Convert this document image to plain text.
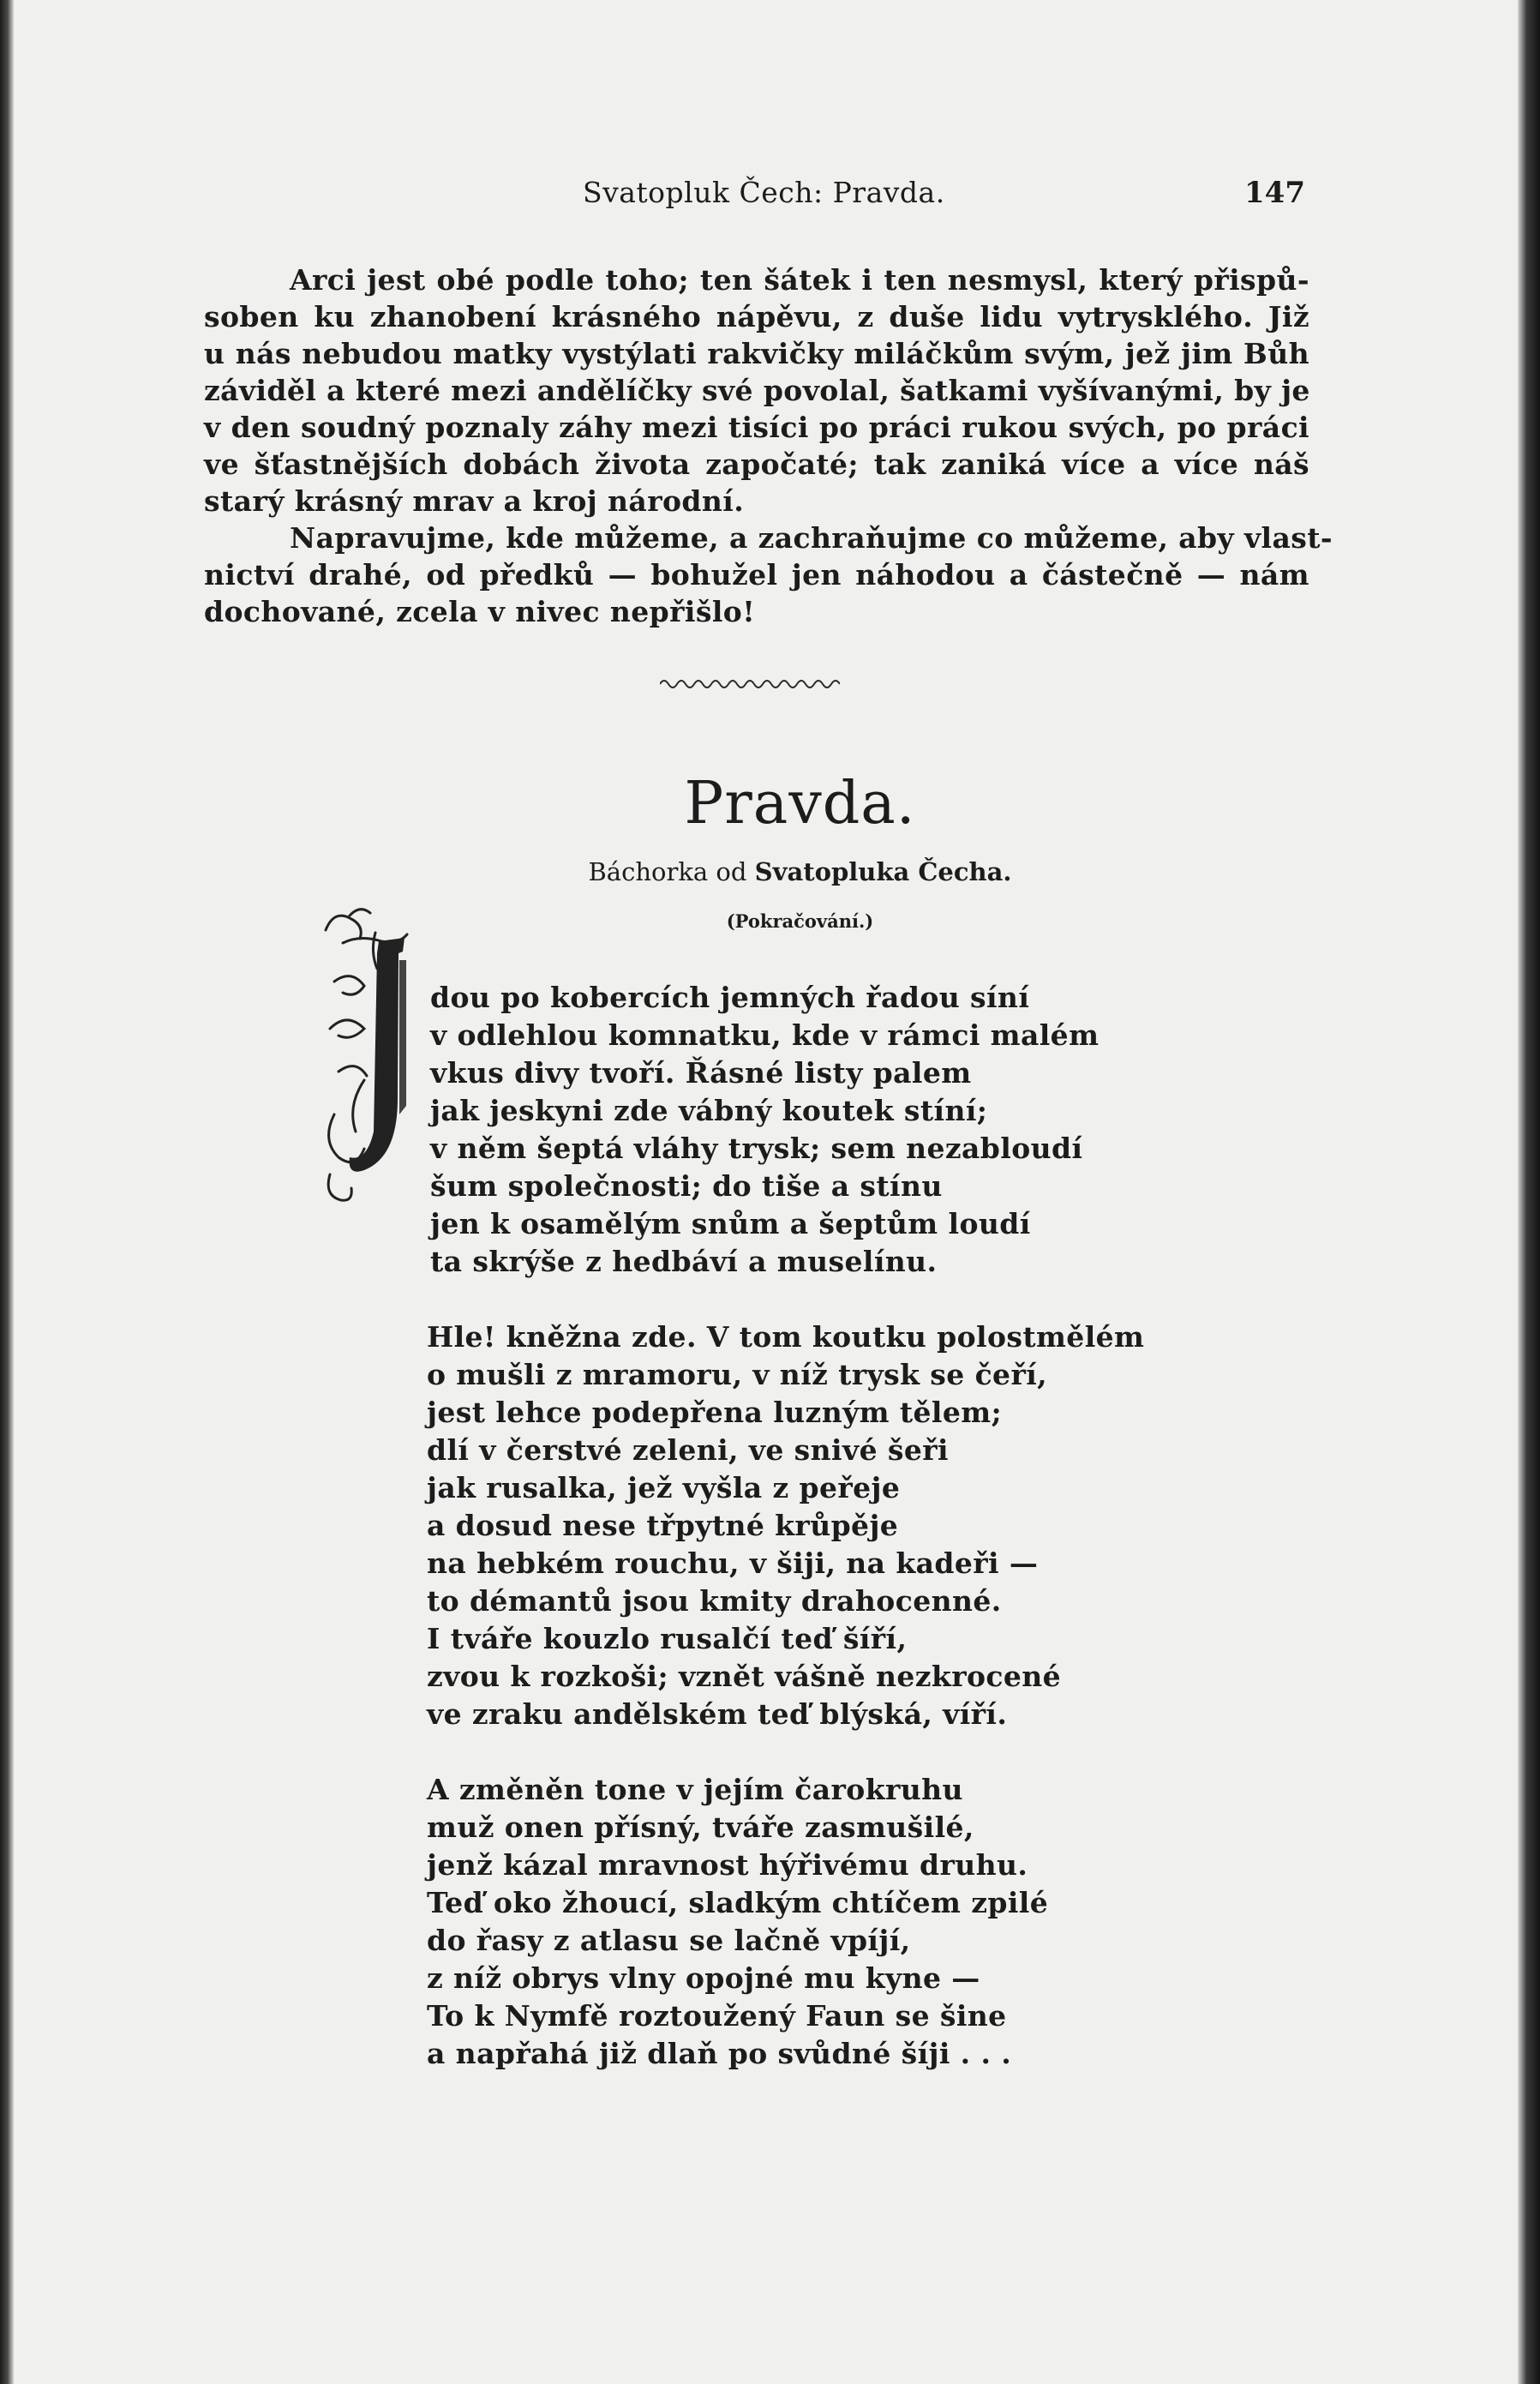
Svatopluk Čech: Pravda.	147

Arci jest obé podle toho; ten šátek i ten nesmysl, který přispů-
soben ku zhanobení krásného nápěvu, z duše lidu vytryskléhо. Již
u nás nebudou matky vystýlati rakvičky miláčkům svým, jež jim Bůh
záviděl a které mezi andělíčky své povolal, šatkami vyšívanými, by je
v den soudný poznaly záhy mezi tisíci po práci rukou svých, po práci
ve šťastnějších dobách života započaté; tak zaniká více a více náš
starý krásný mrav a kroj národní.

Napravujme, kde můžeme, a zachraňujme co můžeme, aby vlast-
nictví drahé, od předků — bohužel jen náhodou a částečně — nám
dochované, zcela v nivec nepřišlo!

Pravda.
Báchorka od Svatopluka Čecha.
(Pokračování.)
dou po kobercích jemných řadou síní
v odlehlou komnatku, kde v rámci malém
vkus divy tvoří. Řásné listy palem
jak jeskyni zde vábný koutek stíní;
v něm šeptá vláhy trysk; sem nezabloudí
šum společnosti; do tiše a stínu
jen k osamělým snům a šeptům loudí
ta skrýše z hedbáví a muselínu.
Hle! kněžna zde. V tom koutku polostmělém
o mušli z mramoru, v níž trysk se čeří,
jest lehce podepřena luzným tělem;
dlí v čerstvé zeleni, ve snivé šeři
jak rusalka, jež vyšla z peřeje
a dosud nese třpytné krůpěje
na hebkém rouchu, v šiji, na kadeři —
to démantů jsou kmity drahocenné.
I tváře kouzlo rusalčí teď šíří,
zvou k rozkoši; vznět vášně nezkrocené
ve zraku andělském teď blýská, víří.
A změněn tone v jejím čarokruhu
muž onen přísný, tváře zasmušilé,
jenž kázal mravnost hýřivému druhu.
Teď oko žhoucí, sladkým chtíčem zpilé
do řasy z atlasu se lačně vpíjí,
z níž obrys vlny opojné mu kyne —
To k Nymfě roztoužený Faun se šine
a napřahá již dlaň po svůdné šíji . . .
